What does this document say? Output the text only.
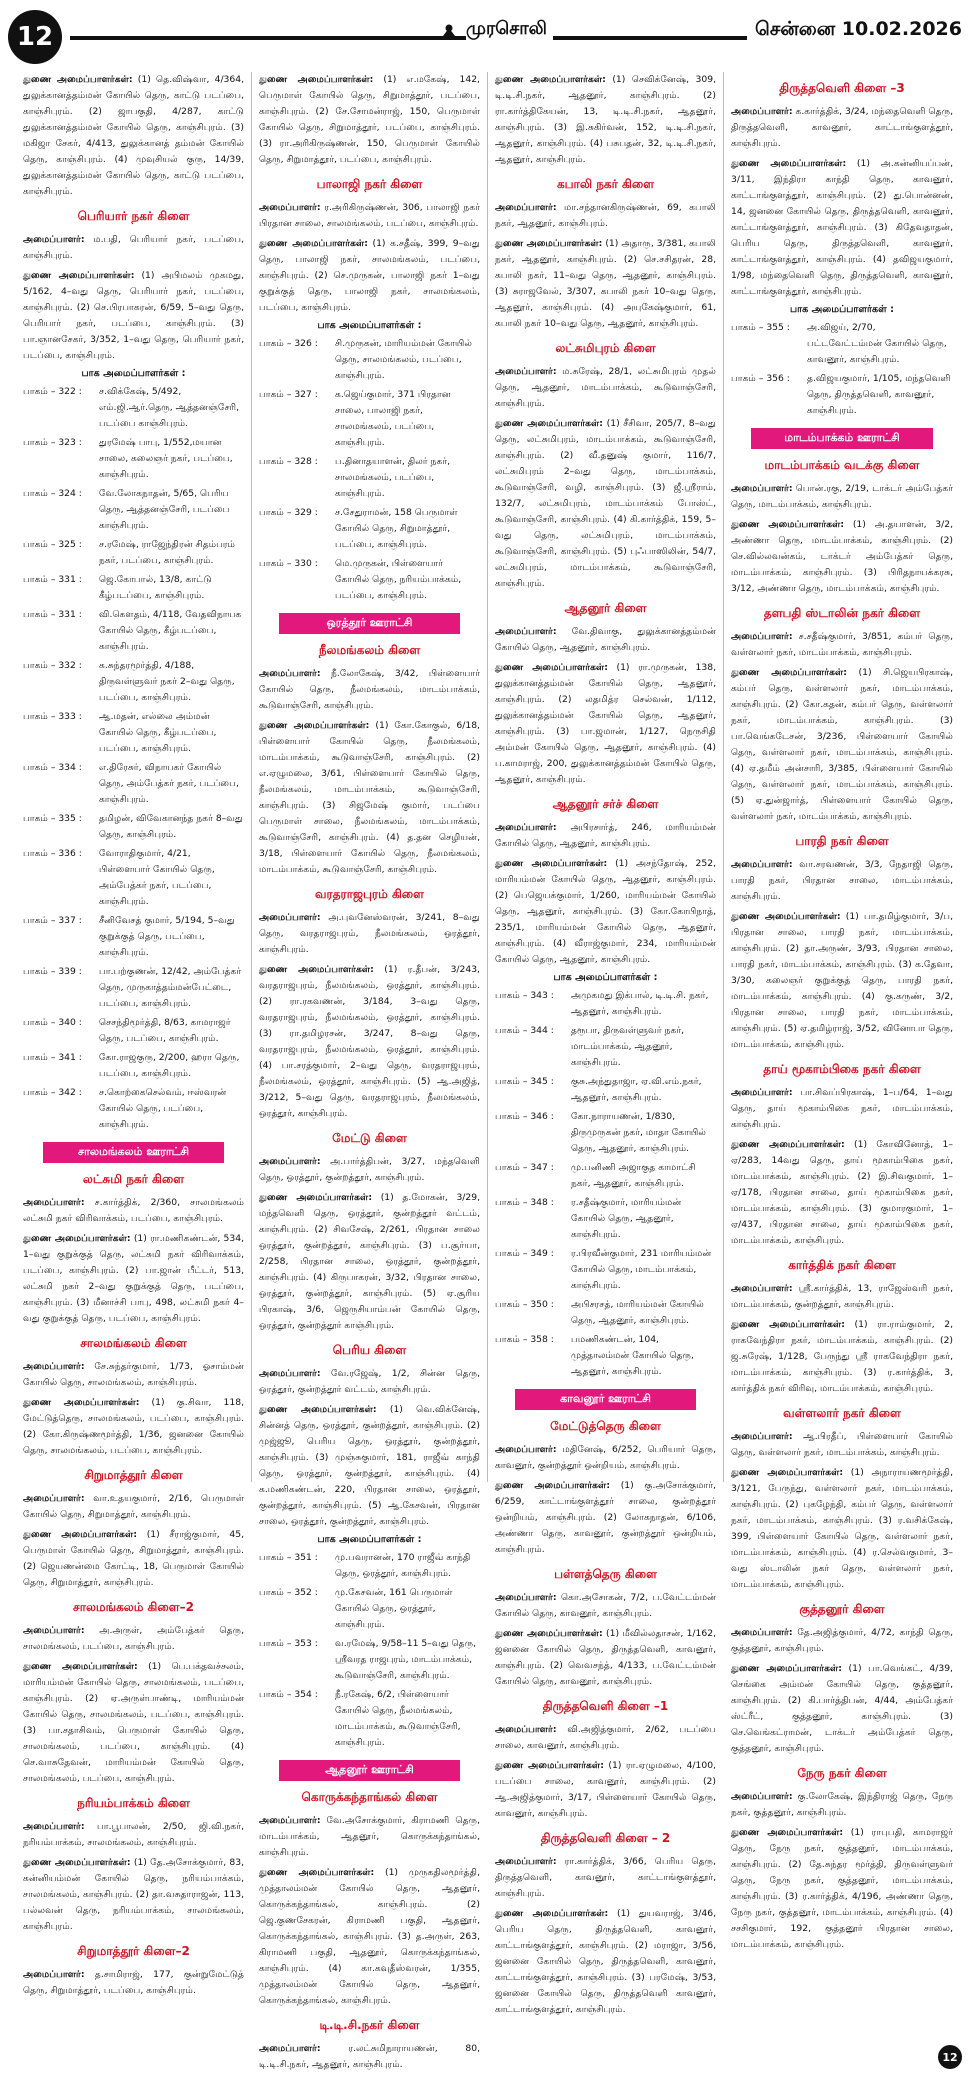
12	முரசொலி	சென்னை 10.02.2026
துணை அமைப்பாளர்கள்: (1) தெ.விஷ்வா, 4/364, துலுக்கானத்தம்மன் கோயில் தெரு, காட்டு படப்பை, காஞ்சிபுரம். (2) ஜாபகுதி, 4/287, காட்டு துலுக்கானத்தம்மன் கோயில் தெரு, காஞ்சிபுரம். (3) மகிஜா சேகர், 4/413, துலுக்கானத் தம்மன் கோயில் தெரு, காஞ்சிபுரம். (4) முவுசியல் குரு, 14/39, துலுக்கானத்தம்மன் கோயில் தெரு, காட்டு படப்பை, காஞ்சிபுரம்.
பெரியார் நகர் கிளை
அமைப்பாளர்: ம.பதி, பெரியார் நகர், படப்பை, காஞ்சிபுரம்.
துணை அமைப்பாளர்கள்: (1) அபிமலம் முகமது, 5/162, 4–வது தெரு, பெரியார் நகர், படப்பை, காஞ்சிபுரம். (2) செ.பிரபாகரன், 6/59, 5–வது தெரு, பெரியார் நகர், படப்பை, காஞ்சிபுரம். (3) பா.ஞானசேகர், 3/352, 1–வது தெரு, பெரியார் நகர், படப்பை, காஞ்சிபுரம்.
பாக அமைப்பாளர்கள் :
பாகம் – 322 :	ச.விக்கேஷ், 5/492, எம்.ஜி.ஆர்.தெரு, ஆத்தனஞ்சேரி, படப்பை காஞ்சிபுரம்.
பாகம் – 323 :	துரமேஷ் பாபு, 1/552,மயான சாலை, கலைஞர் நகர், படப்பை, காஞ்சிபுரம்.
பாகம் – 324 :	வே.லோகநாதன், 5/65, பெரிய தெரு, ஆத்தனஞ்சேரி, படப்பை காஞ்சிபுரம்.
பாகம் – 325 :	ச.ரமேஷ், ராஜேந்திரன் சிதம்பரம் நகர், படப்பை, காஞ்சிபுரம்.
பாகம் – 331 :	ஜெ.கோபால், 13/8, காட்டு கீழ்படப்பை, காஞ்சிபுரம்.
பாகம் – 331 :	வி.கௌதம், 4/118, வேதவிநாயக கோயில் தெரு, கீழ்படப்பை, காஞ்சிபுரம்.
பாகம் – 332 :	க.சுந்தரமூர்த்தி, 4/188, திருவள்ளுவர் நகர் 2–வது தெரு, படப்பை, காஞ்சிபுரம்.
பாகம் – 333 :	ஆ.மதன், எல்லை அம்மன் கோயில் தெரு, கீழ்படப்பை, படப்பை, காஞ்சிபுரம்.
பாகம் – 334 :	எ.திரேசுர், விநாயகர் கோயில் தெரு, அம்பேத்கர் நகர், படப்பை, காஞ்சிபுரம்.
பாகம் – 335 :	தமிழன், விவேகானந்த நகர் 8–வது தெரு, காஞ்சிபுரம்.
பாகம் – 336 :	வோராதிகுமார், 4/21, பிள்ளையார் கோயில் தெரு, அம்பேத்கர் நகர், படப்பை, காஞ்சிபுரம்.
பாகம் – 337 :	சீனிவேசத் குமார், 5/194, 5–வது குறுக்குத் தெரு, படப்பை, காஞ்சிபுரம்.
பாகம் – 339 :	பா.பற்குணன், 12/42, அம்பேத்கர் தெரு, முருகாத்தம்மன்பேட்டை, படப்பை, காஞ்சிபுரம்.
பாகம் – 340 :	செசந்திமூர்த்தி, 8/63, காமராஜர் தெரு, படப்பை, காஞ்சிபுரம்.
பாகம் – 341 :	கோ.ராஜகுரு, 2/200, ஹரா தெரு, படப்பை, காஞ்சிபுரம்.
பாகம் – 342 :	ச.கொற்கைசெல்வம், ஈஸ்வரன் கோயில் தெரு, படப்பை, காஞ்சிபுரம்.
சாலமங்கலம் ஊராட்சி
லட்சுமி நகர் கிளை
அமைப்பாளர்: ச.கார்த்திக், 2/360, சாலமங்கலம் லட்சுமி நகர் விரிவாக்கம், படப்பை, காஞ்சிபுரம்.
துணை அமைப்பாளர்கள்: (1) ரா.மணிகண்டன், 534, 1–வது குறுக்குத் தெரு, லட்சுமி நகர் விரிவாக்கம், படப்பை, காஞ்சிபுரம். (2) பா.ஜான் பீட்டர், 513, லட்சுமி நகர் 2–வது குறுக்குத் தெரு, படப்பை, காஞ்சிபுரம். (3) மீனாச்சி பாபு, 498, லட்சுமி நகர் 4–வது குறுக்குத் தெரு, படப்பை, காஞ்சிபுரம்.
சாலமங்கலம் கிளை
அமைப்பாளர்: சே.சுந்தர்குமார், 1/73, ஓசாம்மன் கோயில் தெரு, சாலமங்கலம், காஞ்சிபுரம்.
துணை அமைப்பாளர்கள்: (1) கு.சிவா, 118, மேட்டுத்தெரு, சாலமங்கலம், படப்பை, காஞ்சிபுரம். (2) கோ.கிருஷ்ணமூர்த்தி, 1/36, ஜனனை கோயில் தெரு, சாலமங்கலம், படப்பை, காஞ்சிபுரம்.
சிறுமாத்தூர் கிளை
அமைப்பாளர்: வா.உதயகுமார், 2/16, பெருமாள் கோயில் தெரு, சிறுமாத்தூர், காஞ்சிபுரம்.
துணை அமைப்பாளர்கள்: (1) சீராஜ்குமார், 45, பெருமாள் கோயில் தெரு, சிறுமாத்தூர், காஞ்சிபுரம். (2) ஜெயணன்மை கோட்டி, 18, பெருமாள் கோயில் தெரு, சிறுமாத்தூர், காஞ்சிபுரம்.
சாலமங்கலம் கிளை–2
அமைப்பாளர்: அ.அருள், அம்பேத்கர் தெரு, சாலமங்கலம், படப்பை, காஞ்சிபுரம்.
துணை அமைப்பாளர்கள்: (1) பெ.பக்தவச்சலம், மாரியம்மன் கோயில் தெரு, சாலமங்கலம், படப்பை, காஞ்சிபுரம். (2) ஏ.அருள்பாண்டி, மாரியம்மன் கோயில் தெரு, சாலமங்கலம், படப்பை, காஞ்சிபுரம். (3) பா.சதாசிவம், பெருமாள் கோயில் தெரு, சாலமங்கலம், படப்பை, காஞ்சிபுரம். (4) செ.வாசுதேவன், மாரியம்மன் கோயில் தெரு, சாலமங்கலம், படப்பை, காஞ்சிபுரம்.
நரியம்பாக்கம் கிளை
அமைப்பாளர்: பா.பூபாலன், 2/50, ஜி.வி.நகர், நரியம்பாக்கம், சாலமங்கலம், காஞ்சிபுரம்.
துணை அமைப்பாளர்கள்: (1) தே.அசோக்குமார், 83, கன்னியம்மன் கோயில் தெரு, நரியம்பாக்கம், சாலமங்கலம், காஞ்சிபுரம். (2) தா.வசுதாராஜன், 113, பல்லவன் தெரு, நரியம்பாக்கம், சாலமங்கலம், காஞ்சிபுரம்.
சிறுமாத்தூர் கிளை–2
அமைப்பாளர்: த.சாமிராஜ், 177, குன்றுமேட்டுத் தெரு, சிறுமாத்தூர், படப்பை, காஞ்சிபுரம்.
துணை அமைப்பாளர்கள்: (1) எ.மகேஷ், 142, பெருமாள் கோயில் தெரு, சிறுமாத்தூர், படப்பை, காஞ்சிபுரம். (2) சே.சோமன்ராஜ், 150, பெருமாள் கோயில் தெரு, சிறுமாத்தூர், படப்பை, காஞ்சிபுரம். (3) ரா.அரிகிருஷ்ணன், 150, பெருமாள் கோயில் தெரு, சிறுமாத்தூர், படப்பை, காஞ்சிபுரம்.
பாலாஜி நகர் கிளை
அமைப்பாளர்: ர.அரிகிருஷ்ணன், 306, பாலாஜி நகர் பிரதான சாலை, சாலமங்கலம், படப்பை, காஞ்சிபுரம்.
துணை அமைப்பாளர்கள்: (1) க.சதீஷ், 399, 9–வது தெரு, பாலாஜி நகர், சாலமங்கலம், படப்பை, காஞ்சிபுரம். (2) செ.முருகன், பாலாஜி நகர் 1–வது குறுக்குத் தெரு, பாலாஜி நகர், சாலமங்கலம், படப்பை, காஞ்சிபுரம்.
பாக அமைப்பாளர்கள் :
பாகம் – 326 :	சி.முருகன், மாரியம்மன் கோயில் தெரு, சாலமங்கலம், படப்பை, காஞ்சிபுரம்.
பாகம் – 327 :	க.ஜெய்குமார், 371 பிரதான சாலை, பாலாஜி நகர், சாலமங்கலம், படப்பை, காஞ்சிபுரம்.
பாகம் – 328 :	ப.தினாதயாளன், திலர் நகர், சாலமங்கலம், படப்பை, காஞ்சிபுரம்.
பாகம் – 329 :	ச.சேதுராமன், 158 பெருமாள் கோயில் தெரு, சிறுமாத்தூர், படப்பை, காஞ்சிபுரம்.
பாகம் – 330 :	மெ.முருகன், பிள்ளையார் கோயில் தெரு, நரியம்பாக்கம், படப்பை, காஞ்சிபுரம்.
ஒரத்தூர் ஊராட்சி
நீலமங்கலம் கிளை
அமைப்பாளர்: நீ.லோகேஷ், 3/42, பிள்ளையார் கோயில் தெரு, நீலமங்கலம், மாடம்பாக்கம், கூடுவாஞ்சேரி, காஞ்சிபுரம்.
துணை அமைப்பாளர்கள்: (1) கோ.கோகுல், 6/18, பிள்ளையார் கோயில் தெரு, நீலமங்கலம், மாடம்பாக்கம், கூடுவாஞ்சேரி, காஞ்சிபுரம். (2) எ.ஏழுமலை, 3/61, பிள்ளையார் கோயில் தெரு, நீலமங்கலம், மாடம்பாக்கம், கூடுவாஞ்சேரி, காஞ்சிபுரம். (3) சிஜமேஷ் குமார், படப்பை பெருமாள் சாலை, நீலமங்கலம், மாடம்பாக்கம், கூடுவாஞ்சேரி, காஞ்சிபுரம். (4) த.தன செழியன், 3/18, பிள்ளையார் கோயில் தெரு, நீலமங்கலம், மாடம்பாக்கம், கூடுவாஞ்சேரி, காஞ்சிபுரம்.
வரதராஜபுரம் கிளை
அமைப்பாளர்: அ.புவனேஸ்வரன், 3/241, 8–வது தெரு, வரதராஜபுரம், நீலமங்கலம், ஒரத்தூர், காஞ்சிபுரம்.
துணை அமைப்பாளர்கள்: (1) ர.தீபன், 3/243, வரதராஜபுரம், நீலமங்கலம், ஒரத்தூர், காஞ்சிபுரம். (2) ரா.ரகவணன், 3/184, 3–வது தெரு, வரதராஜபுரம், நீலமங்கலம், ஒரத்தூர், காஞ்சிபுரம். (3) ரா.தமிழரசன், 3/247, 8–வது தெரு, வரதராஜபுரம், நீலமங்கலம், ஒரத்தூர், காஞ்சிபுரம். (4) பா.சரத்குமார், 2–வது தெரு, வரதராஜபுரம், நீலமங்கலம், ஒரத்தூர், காஞ்சிபுரம். (5) ஆ.அஜித், 3/212, 5–வது தெரு, வரதராஜபுரம், நீலமங்கலம், ஒரத்தூர், காஞ்சிபுரம்.
மேட்டு கிளை
அமைப்பாளர்: அ.பார்த்திபன், 3/27, மந்தவெளி தெரு, ஒரத்தூர், குன்றத்தூர், காஞ்சிபுரம்.
துணை அமைப்பாளர்கள்: (1) த.மோகன், 3/29, மந்தவெளி தெரு, ஒரத்தூர், குன்றத்தூர் வட்டம், காஞ்சிபுரம். (2) சிவசேஷ், 2/261, பிரதான சாலை ஒரத்தூர், குன்றத்தூர், காஞ்சிபுரம். (3) ப.சூர்யா, 2/258, பிரதான சாலை, ஒரத்தூர், குன்றத்தூர், காஞ்சிபுரம். (4) கிருபாகரன், 3/32, பிரதான சாலை, ஒரத்தூர், குன்றத்தூர், காஞ்சிபுரம். (5) ஏ.சூரிய பிரகாஷ், 3/6, ஜெருசியாம்பன் கோயில் தெரு, ஒரத்தூர், குன்றத்தூர் காஞ்சிபுரம்.
பெரிய கிளை
அமைப்பாளர்: வே.ரஜேஷ், 1/2, சின்ன தெரு, ஒரத்தூர், குன்றத்தூர் வட்டம், காஞ்சிபுரம்.
துணை அமைப்பாளர்கள்: (1) வெ.விக்னேஷ், சின்னத் தெரு, ஒரத்தூர், குன்றத்தூர், காஞ்சிபுரம். (2) முஜ்ஜூ, பெரிய தெரு, ஒரத்தூர், குன்றத்தூர், காஞ்சிபுரம். (3) முஞ்சுகுமார், 181, ராஜீவ் காந்தி தெரு, ஒரத்தூர், குன்றத்தூர், காஞ்சிபுரம். (4) க.மணிகண்டன், 220, பிரதான சாலை, ஒரத்தூர், குன்றத்தூர், காஞ்சிபுரம். (5) ஆ.கேசவன், பிரதான சாலை, ஒரத்தூர், குன்றத்தூர், காஞ்சிபுரம்.
பாக அமைப்பாளர்கள் :
பாகம் – 351 :	மு.பவரானன், 170 ராஜீவ் காந்தி தெரு, ஒரத்தூர், காஞ்சிபுரம்.
பாகம் – 352 :	மு.கேசவன், 161 பெருமாள் கோயில் தெரு, ஒரத்தூர், காஞ்சிபுரம்.
பாகம் – 353 :	வ.ரமேஷ், 9/58–11 5–வது தெரு, ஸ்ரீவரத ராஜபுரம், மாடம்பாக்கம், கூடுவாஞ்சேரி, காஞ்சிபுரம்.
பாகம் – 354 :	நீ.ரகேஷ், 6/2, பிள்ளையார் கோயில் தெரு, நீலமங்கலம், மாடம்பாக்கம், கூடுவாஞ்சேரி, காஞ்சிபுரம்.
ஆதனூர் ஊராட்சி
கொருக்கந்தாங்கல் கிளை
அமைப்பாளர்: வே.அசோக்குமார், கிராமணி தெரு, மாடம்பாக்கம், ஆதனூர், கொருக்கந்தாங்கல், காஞ்சிபுரம்.
துணை அமைப்பாளர்கள்: (1) முருகதிலமூர்த்தி, முத்தாலம்மன் கோயில் தெரு, ஆதனூர், கொருக்கந்தாங்கல், காஞ்சிபுரம். (2) ஜெ.குணசேகரன், கிராமணி பகுதி, ஆதனூர், கொருக்கந்தாங்கல், காஞ்சிபுரம். (3) த.அருள், 263, கிராமணி பகுதி, ஆதனூர், கொருக்கந்தாங்கல், காஞ்சிபுரம். (4) கா.கவுதீஸ்வரன், 1/355, முத்தாலம்மன் கோயில் தெரு, ஆதனூர், கொருக்கந்தாங்கல், காஞ்சிபுரம்.
டி.டி.சி.நகர் கிளை
அமைப்பாளர்: ர.லட்சுமிநாராயணன், 80, டி.டி.சி.நகர், ஆதனூர், காஞ்சிபுரம்.
துணை அமைப்பாளர்கள்: (1) செவிக்னேஷ், 309, டி.டி.சி.நகர், ஆதனூர், காஞ்சிபுரம். (2) ரா.கார்த்திகேயன், 13, டி.டி.சி.நகர், ஆதனூர், காஞ்சிபுரம். (3) இ.சுகிர்வன், 152, டி.டி.சி.நகர், ஆதனூர், காஞ்சிபுரம். (4) பசுபதன், 32, டி.டி.சி.நகர், ஆதனூர், காஞ்சிபுரம்.
கபாலி நகர் கிளை
அமைப்பாளர்: மா.சந்தானகிருஷ்ணன், 69, கபாலி நகர், ஆதனூர், காஞ்சிபுரம்.
துணை அமைப்பாளர்கள்: (1) அதாரு, 3/381, கபாலி நகர், ஆதனூர், காஞ்சிபுரம். (2) செ.சசிதரன், 28, கபாலி நகர், 11–வது தெரு, ஆதனூர், காஞ்சிபுரம். (3) சுராஜவேல், 3/307, கபாலி நகர் 10–வது தெரு, ஆதனூர், காஞ்சிபுரம். (4) அயுகேஷ்குமார், 61, கபாலி நகர் 10–வது தெரு, ஆதனூர், காஞ்சிபுரம்.
லட்சுமிபுரம் கிளை
அமைப்பாளர்: ம.சுரேஷ், 28/1, லட்சுமிபுரம் முதல் தெரு, ஆதனூர், மாடம்பாக்கம், கூடுவாஞ்சேரி, காஞ்சிபுரம்.
துணை அமைப்பாளர்கள்: (1) சீசிவா, 205/7, 8–வது தெரு, லட்சுமிபுரம், மாடம்பாக்கம், கூடுவாஞ்சேரி, காஞ்சிபுரம். (2) வீ.தனுஷ் குமார், 116/7, லட்சுமிபுரம் 2–வது தெரு, மாடம்பாக்கம், கூடுவாஞ்சேரி, வழி, காஞ்சிபுரம். (3) ஜீ.ஸ்ரீராம், 132/7, லட்சுமிபுரம், மாடம்பாக்கம் போஸ்ட், கூடுவாஞ்சேரி, காஞ்சிபுரம். (4) கி.கார்த்திக், 159, 5–வது தெரு, லட்சுமிபுரம், மாடம்பாக்கம், கூடுவாஞ்சேரி, காஞ்சிபுரம். (5) புஃபாஸிலின், 54/7, லட்சுமிபுரம், மாடம்பாக்கம், கூடுவாஞ்சேரி, காஞ்சிபுரம்.
ஆதனூர் கிளை
அமைப்பாளர்: வே.திவாகு, துலுக்கானத்தம்மன் கோயில் தெரு, ஆதனூர், காஞ்சிபுரம்.
துணை அமைப்பாளர்கள்: (1) ரா.முருகன், 138, துலுக்கானத்தம்மன் கோயில் தெரு, ஆதனூர், காஞ்சிபுரம். (2) லதமித்ர செல்வன், 1/112, துலுக்கானத்தம்மன் கோயில் தெரு, ஆதனூர், காஞ்சிபுரம். (3) பா.ஜமான், 1/127, நெருசிதி அம்மன் கோயில் தெரு, ஆதனூர், காஞ்சிபுரம். (4) ப.காமராஜ், 200, துலுக்கானத்தம்மன் கோயில் தெரு, ஆதனூர், காஞ்சிபுரம்.
ஆதனூர் சர்ச் கிளை
அமைப்பாளர்: அபிரசார்த், 246, மாரியம்மன் கோயில் தெரு, ஆதனூர், காஞ்சிபுரம்.
துணை அமைப்பாளர்கள்: (1) அசந்தோஷ், 252, மாரியம்மன் கோயில் தெரு, ஆதனூர், காஞ்சிபுரம். (2) பெஜெயக்குமார், 1/260, மாரியம்மன் கோயில் தெரு, ஆதனூர், காஞ்சிபுரம். (3) கோ.கோபிநாத், 235/1, மாரியம்மன் கோயில் தெரு, ஆதனூர், காஞ்சிபுரம். (4) வீராஜ்குமார், 234, மாரியம்மன் கோயில் தெரு, ஆதனூர், காஞ்சிபுரம்.
பாக அமைப்பாளர்கள் :
பாகம் – 343 :	அமுகமது இக்பால், டி.டி.சி. நகர், ஆதனூர், காஞ்சிபுரம்.
பாகம் – 344 :	தரூபா, திருவள்ளுவர் நகர், மாடம்பாக்கம், ஆதனூர், காஞ்சிபுரம்.
பாகம் – 345 :	குசு.அந்துதாஜா, ஏ.வி.எம்.நகர், ஆதனூர், காஞ்சிபுரம்.
பாகம் – 346 :	கோ.நாராயணன், 1/830, திருமுருகன் நகர், மாதா கோயில் தெரு, ஆதனூர், காஞ்சிபுரம்.
பாகம் – 347 :	மு.பனிணி அஜாகுத காமாட்சி நகர், ஆதனூர், காஞ்சிபுரம்.
பாகம் – 348 :	ர.சதீஷ்குமார், மாரியம்மன் கோயில் தெரு, ஆதனூர், காஞ்சிபுரம்.
பாகம் – 349 :	ர.பிரவீன்குமார், 231 மாரியம்மன் கோயில் தெரு, மாடம்பாக்கம், காஞ்சிபுரம்.
பாகம் – 350 :	அபிசரசத், மாரியம்மன் கோயில் தெரு, ஆதனூர், காஞ்சிபுரம்.
பாகம் – 358 :	பமணிகண்டன், 104, முத்தாலம்மன் கோயில் தெரு, ஆதனூர், காஞ்சிபுரம்.
காவனூர் ஊராட்சி
மேட்டுத்தெரு கிளை
அமைப்பாளர்: மதினேஷ், 6/252, பெரியார் தெரு, காவனூர், குன்றத்தூர் ஒன்றியம், காஞ்சிபுரம்.
துணை அமைப்பாளர்கள்: (1) கு.அசோக்குமார், 6/259, காட்டாங்குளத்தூர் சாலை, குன்றத்தூர் ஒன்றியம், காஞ்சிபுரம். (2) லோகநாதன், 6/106, அண்ணா தெரு, காவனூர், குன்றத்தூர் ஒன்றியம், காஞ்சிபுரம்.
பள்ளத்தெரு கிளை
அமைப்பாளர்: கொ.அசோகன், 7/2, ப.வேட்டம்மன் கோயில் தெரு, காவனூர், காஞ்சிபுரம்.
துணை அமைப்பாளர்கள்: (1) மீவில்லதாசன், 1/162, ஜனனை கோயில் தெரு, திருத்தவெளி, காவனூர், காஞ்சிபுரம். (2) வெவசந்த், 4/133, ப.வேட்டம்மன் கோயில் தெரு, காவனூர், காஞ்சிபுரம்.
திருத்தவெளி கிளை –1
அமைப்பாளர்: வி.அஜித்குமார், 2/62, படப்பை சாலை, காவனூர், காஞ்சிபுரம்.
துணை அமைப்பாளர்கள்: (1) ரா.ஏழுமலை, 4/100, படப்பை சாலை, காவனூர், காஞ்சிபுரம். (2) ஆ.அஜித்குமார், 3/17, பிள்ளையார் கோயில் தெரு, காவனூர், காஞ்சிபுரம்.
திருத்தவெளி கிளை – 2
அமைப்பாளர்: ரா.கார்த்திக், 3/66, பெரிய தெரு, திருத்தவெளி, காவனூர், காட்டாங்குளத்தூர், காஞ்சிபுரம்.
துணை அமைப்பாளர்கள்: (1) துயவராஜ், 3/46, பெரிய தெரு, திருத்தவெளி, காவனூர், காட்டாங்குளத்தூர், காஞ்சிபுரம். (2) மராஜா, 3/56, ஜனனை கோயில் தெரு, திருத்தவெளி, காவனூர், காட்டாங்குளத்தூர், காஞ்சிபுரம். (3) பரமேஷ், 3/53, ஜனனை கோயில் தெரு, திருத்தவெளி காவனூர், காட்டாங்குளத்தூர், காஞ்சிபுரம்.
திருத்தவெளி கிளை –3
அமைப்பாளர்: க.கார்த்திக், 3/24, மந்தைவெளி தெரு, திருத்தவெளி, காவனூர், காட்டாங்குளத்தூர், காஞ்சிபுரம்.
துணை அமைப்பாளர்கள்: (1) அ.கன்னியப்பன், 3/11, இந்திரா காந்தி தெரு, காவனூர், காட்டாங்குளத்தூர், காஞ்சிபுரம். (2) து.பொன்னன், 14, ஜனனை கோயில் தெரு, திருத்தவெளி, காவனூர், காட்டாங்குளத்தூர், காஞ்சிபுரம். (3) கிதேவதாதன், பெரிய தெரு, திருத்தவெளி, காவனூர், காட்டாங்குளத்தூர், காஞ்சிபுரம். (4) தவிஜயகுமார், 1/98, மந்தைவெளி தெரு, திருத்தவெளி, காவனூர், காட்டாங்குளத்தூர், காஞ்சிபுரம்.
பாக அமைப்பாளர்கள் :
பாகம் – 355 :	அ.விஜய், 2/70, பட்டவேட்டம்மன் கோயில் தெரு, காவனூர், காஞ்சிபுரம்.
பாகம் – 356 :	த.விஜயகுமார், 1/105, மந்தவெளி தெரு, திருத்தவெளி, காவனூர், காஞ்சிபுரம்.
மாடம்பாக்கம் ஊராட்சி
மாடம்பாக்கம் வடக்கு கிளை
அமைப்பாளர்: பொன்.ரகு, 2/19, டாக்டர் அம்பேத்கர் தெரு, மாடம்பாக்கம், காஞ்சிபுரம்.
துணை அமைப்பாளர்கள்: (1) அ.தயாளன், 3/2, அண்ணா தெரு, மாடம்பாக்கம், காஞ்சிபுரம். (2) செ.வில்லவன்கம், டாக்டர் அம்பேத்கர் தெரு, மாடம்பாக்கம், காஞ்சிபுரம். (3) பிரிதநாயக்கரசு, 3/12, அண்ணா தெரு, மாடம்பாக்கம், காஞ்சிபுரம்.
தளபதி ஸ்டாலின் நகர் கிளை
அமைப்பாளர்: ச.சதீஷ்குமார், 3/851, கம்பர் தெரு, வள்ளலார் நகர், மாடம்பாக்கம், காஞ்சிபுரம்.
துணை அமைப்பாளர்கள்: (1) சி.ஜெயபிரகாஷ், கம்பர் தெரு, வள்ளலார் நகர், மாடம்பாக்கம், காஞ்சிபுரம். (2) கோ.கதன், கம்பர் தெரு, வள்ளலார் நகர், மாடம்பாக்கம், காஞ்சிபுரம். (3) பா.வெங்கடேசன், 3/236, பிள்ளையார் கோயில் தெரு, வள்ளலார் நகர், மாடம்பாக்கம், காஞ்சிபுரம். (4) ஏ.தமீம் அன்சாரி, 3/385, பிள்ளையார் கோயில் தெரு, வள்ளலார் நகர், மாடம்பாக்கம், காஞ்சிபுரம். (5) ஏ.துன்ஜார்த், பிள்ளையார் கோயில் தெரு, வள்ளலார் நகர், மாடம்பாக்கம், காஞ்சிபுரம்.
பாரதி நகர் கிளை
அமைப்பாளர்: வா.சரவணன், 3/3, நேதாஜி தெரு, பாரதி நகர், பிரதான சாலை, மாடம்பாக்கம், காஞ்சிபுரம்.
துணை அமைப்பாளர்கள்: (1) பா.தமிழ்குமார், 3/ப, பிரதான சாலை, பாரதி நகர், மாடம்பாக்கம், காஞ்சிபுரம். (2) தா.அருண், 3/93, பிரதான சாலை, பாரதி நகர், மாடம்பாக்கம், காஞ்சிபுரம். (3) க.தேவா, 3/30, கலைஞர் குறுக்குத் தெரு, பாரதி நகர், மாடம்பாக்கம், காஞ்சிபுரம். (4) கு.கருண், 3/2, பிரதான சாலை, பாரதி நகர், மாடம்பாக்கம், காஞ்சிபுரம். (5) ஏ.தமிழ்ராஜ், 3/52, வினோபா தெரு, மாடம்பாக்கம், காஞ்சிபுரம்.
தாய் மூகாம்பிகை நகர் கிளை
அமைப்பாளர்: பா.சிவப்பிரகாஷ், 1–ப/64, 1–வது தெரு, தாய் மூகாம்பிகை நகர், மாடம்பாக்கம், காஞ்சிபுரம்.
துணை அமைப்பாளர்கள்: (1) கோவினோத், 1–ஏ/283, 14வது தெரு, தாய் மூகாம்பிகை நகர், மாடம்பாக்கம், காஞ்சிபுரம். (2) இ.சிவகுமார், 1–ஏ/178, பிரதான சாலை, தாய் மூகாம்பிகை நகர், மாடம்பாக்கம், காஞ்சிபுரம். (3) குமாரகுமார், 1–ஏ/437, பிரதான சாலை, தாய் மூகாம்பிகை நகர், மாடம்பாக்கம், காஞ்சிபுரம்.
கார்த்திக் நகர் கிளை
அமைப்பாளர்: ஸ்ரீ.கார்த்திக், 13, ராஜேஸ்வரி நகர், மாடம்பாக்கம், குன்றத்தூர், காஞ்சிபுரம்.
துணை அமைப்பாளர்கள்: (1) ரா.ராம்குமார், 2, ராகவேந்திரா நகர், மாடம்பாக்கம், காஞ்சிபுரம். (2) ஜ.சுரேஷ், 1/128, பேருந்து ஸ்ரீ ராகவேந்திரா நகர், மாடம்பாக்கம், காஞ்சிபுரம். (3) ர.கார்த்திக், 3, கார்த்திக் நகர் விரிவு, மாடம்பாக்கம், காஞ்சிபுரம்.
வள்ளலார் நகர் கிளை
அமைப்பாளர்: ஆ.பிரதீப், பிள்ளையார் கோயில் தெரு, வள்ளலார் நகர், மாடம்பாக்கம், காஞ்சிபுரம்.
துணை அமைப்பாளர்கள்: (1) அநாராயணமூர்த்தி, 3/121, பேருந்து, வள்ளலார் நகர், மாடம்பாக்கம், காஞ்சிபுரம். (2) புகழேந்தி, கம்பர் தெரு, வள்ளலார் நகர், மாடம்பாக்கம், காஞ்சிபுரம். (3) ர.வசிக்கேஷ், 399, பிள்ளையார் கோயில் தெரு, வள்ளலார் நகர், மாடம்பாக்கம், காஞ்சிபுரம். (4) ர.செல்வகுமார், 3–வது ஸ்டாலின் நகர் தெரு, வள்ளலார் நகர், மாடம்பாக்கம், காஞ்சிபுரம்.
குத்தனூர் கிளை
அமைப்பாளர்: தே.அஜித்குமார், 4/72, காந்தி தெரு, குத்தனூர், காஞ்சிபுரம்.
துணை அமைப்பாளர்கள்: (1) பா.வெங்கட், 4/39, செங்கை அம்மன் கோயில் தெரு, குத்தனூர், காஞ்சிபுரம். (2) கி.பார்த்திபன், 4/44, அம்பேத்கர் ஸ்ட்ரீட், குத்தனூர், காஞ்சிபுரம். (3) செ.வெங்கட்ராமன், டாக்டர் அம்பேத்கர் தெரு, குத்தனூர், காஞ்சிபுரம்.
நேரு நகர் கிளை
அமைப்பாளர்: கு.லோகேஷ், இந்திராஜ் தெரு, நேரு நகர், குத்தனூர், காஞ்சிபுரம்.
துணை அமைப்பாளர்கள்: (1) ராபுபதி, காமராஜர் தெரு, நேரு நகர், குத்தனூர், மாடம்பாக்கம், காஞ்சிபுரம். (2) தே.சுந்தர மூர்த்தி, திருவள்ளுவர் தெரு, நேரு நகர், குத்தனூர், மாடம்பாக்கம், காஞ்சிபுரம். (3) ர.கார்த்திக், 4/196, அண்ணா தெரு, நேரு நகர், குத்தனூர், மாடம்பாக்கம், காஞ்சிபுரம். (4) சசசிகுமார், 192, குத்தனூர் பிரதான சாலை, மாடம்பாக்கம், காஞ்சிபுரம்.
12
